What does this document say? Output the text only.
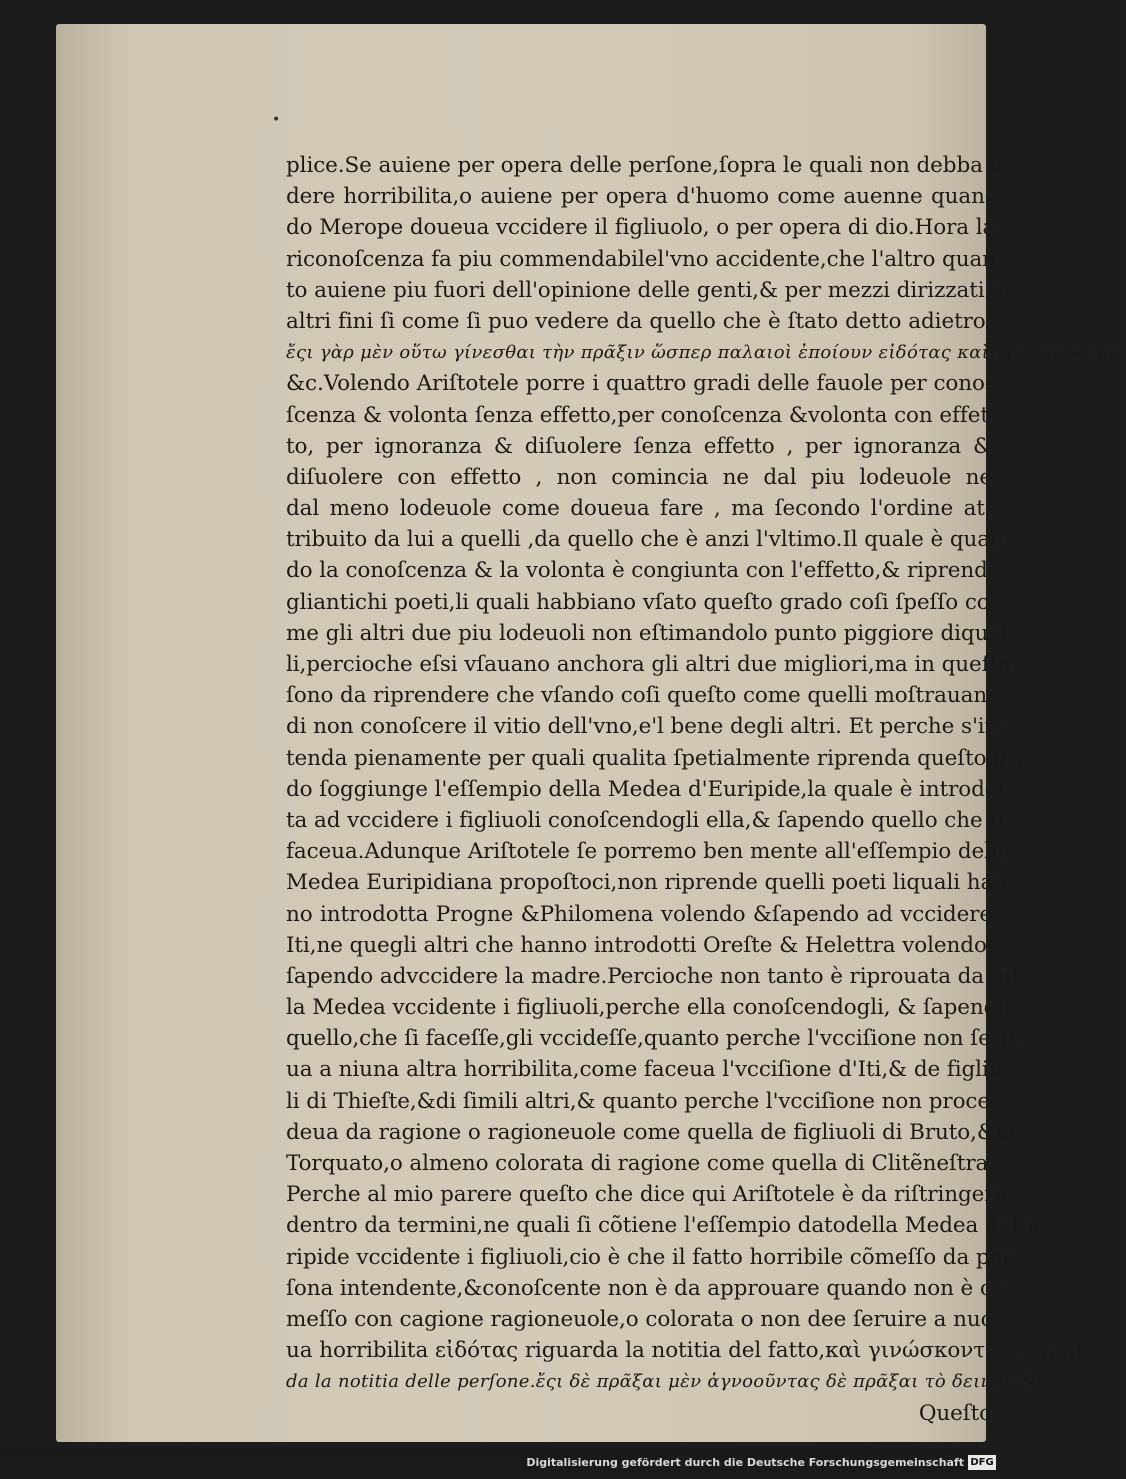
•
plice.Se auiene per opera delle perſone,ſopra le quali non debba ca‑
dere horribilita,o auiene per opera d'huomo come auenne quan‑
do Merope doueua vccidere il figliuolo, o per opera di dio.Hora la
riconoſcenza fa piu commendabilel'vno accidente,che l'altro quan‑
to auiene piu fuori dell'opinione delle genti,& per mezzi dirizzati ad
altri fini ſi come ſi puo vedere da quello che è ſtato detto adietro.
ἔςι γὰρ μὲν οὕτω γίνεσθαι τὴν πρᾶξιν ὥσπερ παλαιοὶ ἐποίουν εἰδότας καὶ γινώσκοντας,
&c.Volendo Ariſtotele porre i quattro gradi delle fauole per cono‑
ſcenza & volonta ſenza effetto,per conoſcenza &volonta con effet‑
to, per ignoranza & diſuolere ſenza effetto , per ignoranza &
diſuolere con effetto , non comincia ne dal piu lodeuole ne
dal meno lodeuole come doueua fare , ma ſecondo l'ordine at‑
tribuito da lui a quelli ,da quello che è anzi l'vltimo.Il quale è quan
do la conoſcenza & la volonta è congiunta con l'effetto,& riprende
gliantichi poeti,li quali habbiano vſato queſto grado coſi ſpeſſo co‑
me gli altri due piu lodeuoli non eſtimandolo punto piggiore diquel
li,percioche eſsi vſauano anchora gli altri due migliori,ma in queſto
ſono da riprendere che vſando coſi queſto come quelli moſtrauano
di non conoſcere il vitio dell'vno,e'l bene degli altri. Et perche s'in‑
tenda pienamente per quali qualita ſpetialmente riprenda queſto gra
do ſoggiunge l'eſſempio della Medea d'Euripide,la quale è introdot‑
ta ad vccidere i figliuoli conoſcendogli ella,& ſapendo quello che ſi
faceua.Adunque Ariſtotele ſe porremo ben mente all'eſſempio della
Medea Euripidiana propoſtoci,non riprende quelli poeti liquali han
no introdotta Progne &Philomena volendo &ſapendo ad vccidere
Iti,ne quegli altri che hanno introdotti Oreſte & Helettra volendo&
ſapendo advccidere la madre.Percioche non tanto è riprouata da lui
la Medea vccidente i figliuoli,perche ella conoſcendogli, & ſapendo
quello,che ſi faceſſe,gli vccideſſe,quanto perche l'vcciſione non ſerui‑
ua a niuna altra horribilita,come faceua l'vcciſione d'Iti,& de figliuo
li di Thieſte,&di ſimili altri,& quanto perche l'vcciſione non proce‑
deua da ragione o ragioneuole come quella de figliuoli di Bruto,&di
Torquato,o almeno colorata di ragione come quella di Clitẽneſtra.
Perche al mio parere queſto che dice qui Ariſtotele è da riſtringere
dentro da termini,ne quali ſi cõtiene l'eſſempio datodella Medea d' Eu
ripide vccidente i figliuoli,cio è che il fatto horribile cõmeſſo da per‑
ſona intendente,&conoſcente non è da approuare quando non è cõ
meſſo con cagione ragioneuole,o colorata o non dee ſeruire a nuo‑
ua horribilita εἰδότας riguarda la notitia del fatto,καὶ γινώσκοντας riguar‑
da la notitia delle perſone.ἔςι δὲ πρᾶξαι μὲν ἀγνοοῦντας δὲ πρᾶξαι τὸ δεινὸν &c.
Queſto
Digitalisierung gefördert durch die Deutsche Forschungsgemeinschaft DFG
